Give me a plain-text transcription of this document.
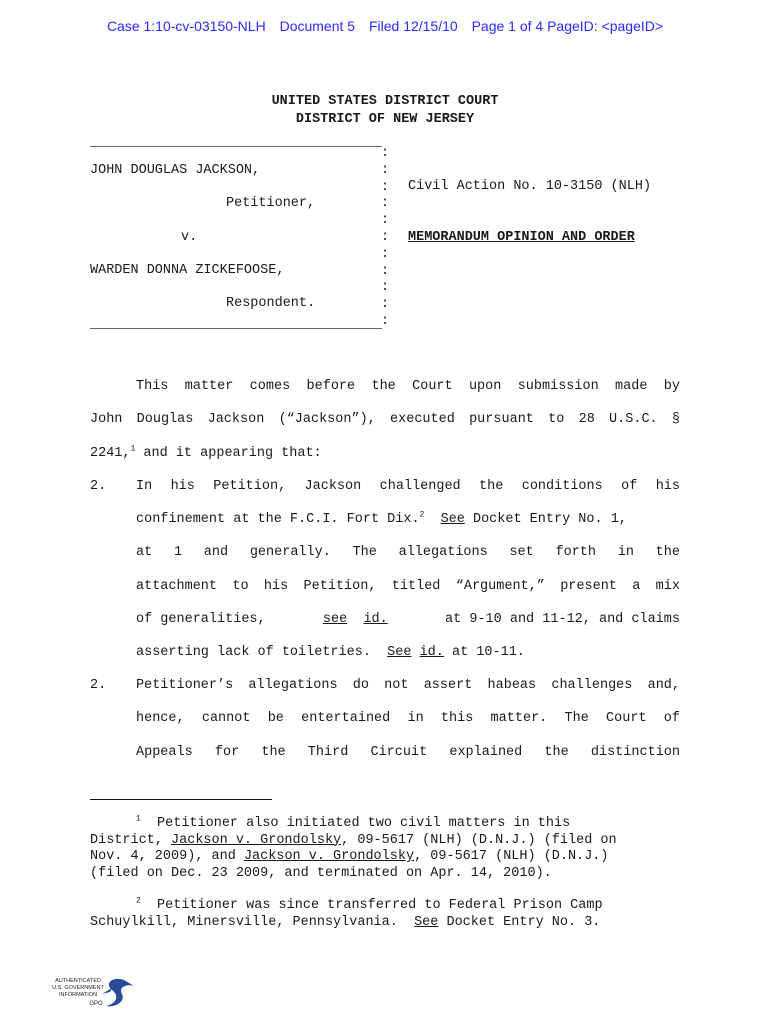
Case 1:10-cv-03150-NLH Document 5 Filed 12/15/10 Page 1 of 4 PageID: <pageID>
UNITED STATES DISTRICT COURT
DISTRICT OF NEW JERSEY
:
:
:
:
:
:
:
:
:
:
:
JOHN DOUGLAS JACKSON,
Petitioner,
v.
WARDEN DONNA ZICKEFOOSE,
Respondent.
Civil Action No. 10-3150 (NLH)
MEMORANDUM OPINION AND ORDER
This matter comes before the Court upon submission made by
John Douglas Jackson (“Jackson”), executed pursuant to 28 U.S.C. §
2241,$^1$ and it appearing that:
2. In his Petition, Jackson challenged the conditions of his
confinement at the F.C.I. Fort Dix.$^2$ See Docket Entry No. 1,
at 1 and generally. The allegations set forth in the
attachment to his Petition, titled “Argument,” present a mix
of generalities,	see id.	at 9-10 and 11-12, and claims
asserting lack of toiletries. See id. at 10-11.
2. Petitioner’s allegations do not assert habeas challenges and,
hence, cannot be entertained in this matter. The Court of
Appeals for the Third Circuit explained the distinction
$^1$ Petitioner also initiated two civil matters in this
District, Jackson v. Grondolsky, 09-5617 (NLH) (D.N.J.) (filed on
Nov. 4, 2009), and Jackson v. Grondolsky, 09-5617 (NLH) (D.N.J.)
(filed on Dec. 23 2009, and terminated on Apr. 14, 2010).
$^2$ Petitioner was since transferred to Federal Prison Camp
Schuylkill, Minersville, Pennsylvania.  See Docket Entry No. 3.
AUTHENTICATED
U.S. GOVERNMENT
INFORMATION
GPO
